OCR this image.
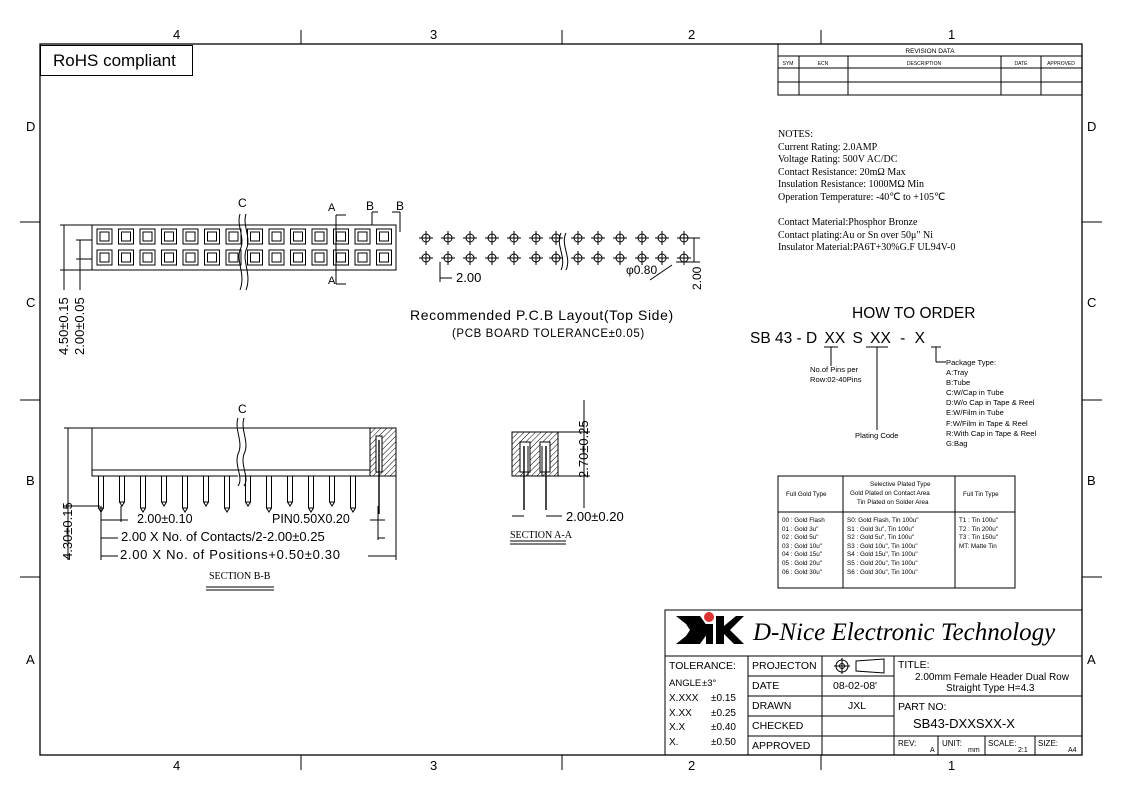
REVISION DATA
SYM	ECN	DESCRIPTION	DATE	APPROVED
4.50±0.15 2.00±0.05
2.00
4.30±0.15
2.70±0.25
4	3	2	1
4	3	2	1
D
C
B
A
D
C
B
A
RoHS compliant
NOTES:
Current Rating: 2.0AMP
Voltage Rating: 500V AC/DC
Contact Resistance: 20mΩ Max
Insulation Resistance: 1000MΩ Min
Operation Temperature: -40℃ to +105℃
Contact Material:Phosphor Bronze
Contact plating:Au or Sn over 50μ" Ni
Insulator Material:PA6T+30%G.F UL94V-0
C	A
A
B B
2.00	φ0.80
Recommended P.C.B Layout(Top Side)
(PCB BOARD TOLERANCE±0.05)
C
2.00±0.10	PIN0.50X0.20
2.00 X No. of Contacts/2-2.00±0.25
2.00 X No. of Positions+0.50±0.30
SECTION B-B
2.00±0.20
SECTION A-A
HOW TO ORDER
SB 43 - D XX S XX - X
No.of Pins per
Row:02-40Pins
Plating Code
Package Type:
A:Tray
B:Tube
C:W/Cap in Tube
D:W/o Cap in Tape & Reel
E:W/Film in Tube
F:W/Film in Tape & Reel
R:With Cap in Tape & Reel
G:Bag
Full Gold Type
Selective Plated Type
Gold Plated on Contact Area
Tin Plated on Solder Area
Full Tin Type
00 : Gold Flash	S0: Gold Flash, Tin 100u"	T1 : Tin 100u"
01 : Gold 3u"	S1 : Gold 3u", Tin 100u"	T2 : Tin 200u"
02 : Gold 5u"	S2 : Gold 5u", Tin 100u"	T3 : Tin 150u"
03 : Gold 10u"	S3 : Gold 10u", Tin 100u"	MT: Matte Tin
04 : Gold 15u"	S4 : Gold 15u", Tin 100u"
05 : Gold 20u"	S5 : Gold 20u", Tin 100u"
06 : Gold 30u"	S6 : Gold 30u", Tin 100u"
D-Nice Electronic Technology
TOLERANCE:
ANGLE ±3°
X.XXX ±0.15
X.XX ±0.25
X.X	±0.40
X.	±0.50
PROJECTON
DATE	08-02-08'
DRAWN	JXL
CHECKED
APPROVED
TITLE:
2.00mm Female Header Dual Row
Straight Type H=4.3
PART NO:
SB43-DXXSXX-X
REV:
A
UNIT:
mm
SCALE:
2:1
SIZE:
A4
